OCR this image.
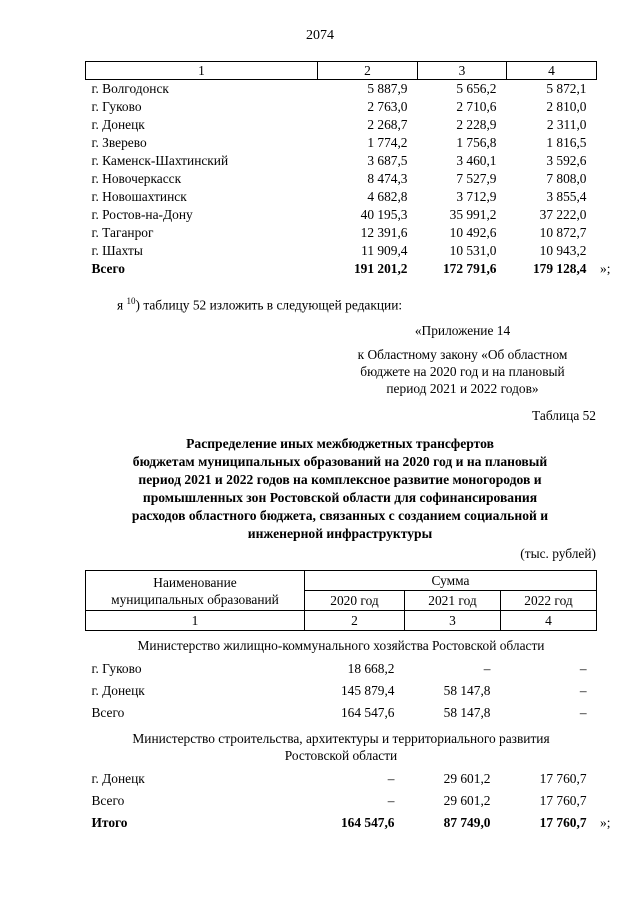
2074
1	2	3	4
г. Волгодонск	5 887,9	5 656,2	5 872,1
г. Гуково	2 763,0	2 710,6	2 810,0
г. Донецк	2 268,7	2 228,9	2 311,0
г. Зверево	1 774,2	1 756,8	1 816,5
г. Каменск-Шахтинский	3 687,5	3 460,1	3 592,6
г. Новочеркасск	8 474,3	7 527,9	7 808,0
г. Новошахтинск	4 682,8	3 712,9	3 855,4
г. Ростов-на-Дону	40 195,3	35 991,2	37 222,0
г. Таганрог	12 391,6	10 492,6	10 872,7
г. Шахты	11 909,4	10 531,0	10 943,2
Всего	191 201,2	172 791,6	179 128,4
я $^{10}$) таблицу 52 изложить в следующей редакции:
«Приложение 14
к Областному закону «Об областном
бюджете на 2020 год и на плановый
период 2021 и 2022 годов»
Таблица 52
Распределение иных межбюджетных трансфертов
бюджетам муниципальных образований на 2020 год и на плановый
период 2021 и 2022 годов на комплексное развитие моногородов и
промышленных зон Ростовской области для софинансирования
расходов областного бюджета, связанных с созданием социальной и
инженерной инфраструктуры
(тыс. рублей)
Наименование
муниципальных образований	Сумма		
	2020 год	2021 год	2022 год
1	2	3	4
Министерство жилищно-коммунального хозяйства Ростовской области			
г. Гуково	18 668,2	–	–
г. Донецк	145 879,4	58 147,8	–
Всего	164 547,6	58 147,8	–

Министерство строительства, архитектуры и территориального развития
Ростовской области			

г. Донецк	–	29 601,2	17 760,7
Всего	–	29 601,2	17 760,7
Итого	164 547,6	87 749,0	17 760,7
»;
»;
